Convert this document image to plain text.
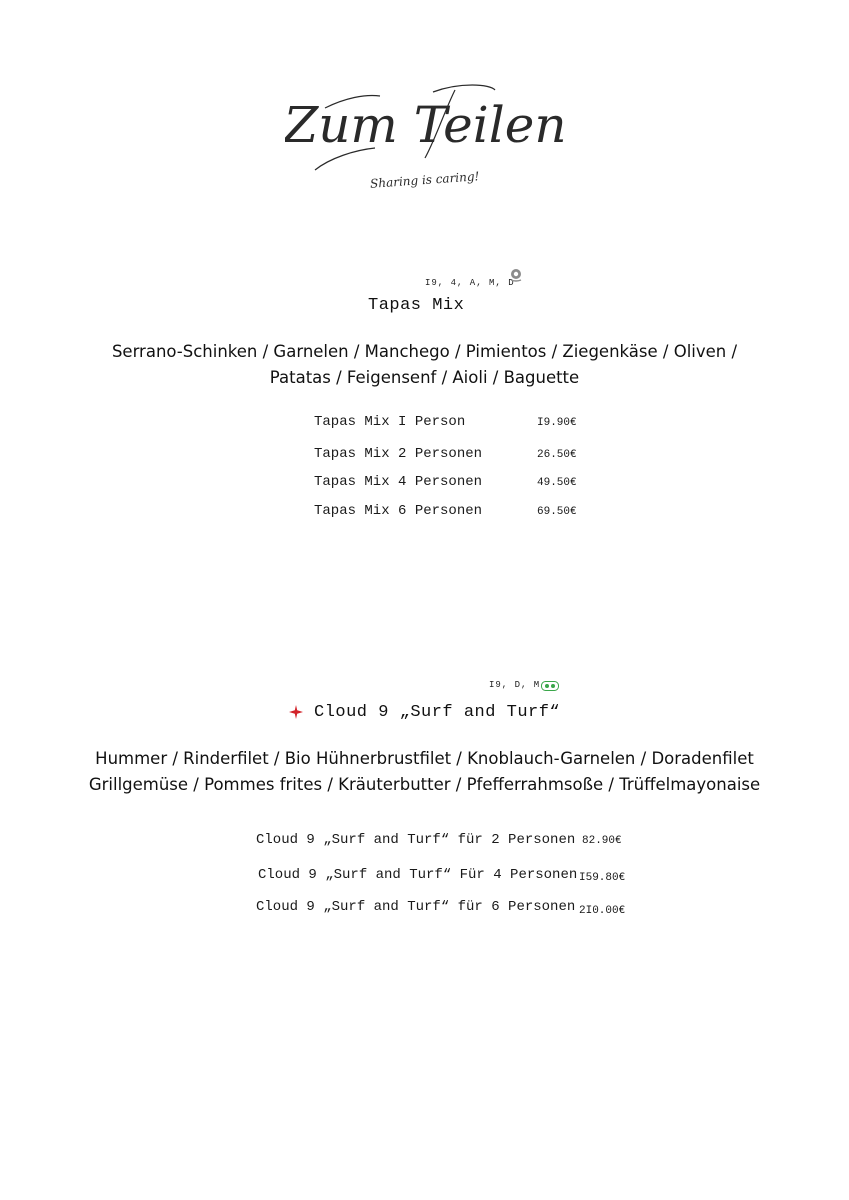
Zum Teilen
Sharing is caring!
I9, 4, A, M, D
Tapas Mix
Serrano-Schinken / Garnelen / Manchego / Pimientos / Ziegenkäse / Oliven /
Patatas / Feigensenf / Aioli / Baguette
Tapas Mix I Person	I9.90€
Tapas Mix 2 Personen	26.50€
Tapas Mix 4 Personen	49.50€
Tapas Mix 6 Personen	69.50€
I9, D, M
Cloud 9 „Surf and Turf“
Hummer / Rinderfilet / Bio Hühnerbrustfilet / Knoblauch-Garnelen / Doradenfilet
Grillgemüse / Pommes frites / Kräuterbutter / Pfefferrahmsoße / Trüffelmayonaise
Cloud 9 „Surf and Turf“ für 2 Personen 82.90€
Cloud 9 „Surf and Turf“ Für 4 Personen I59.80€
Cloud 9 „Surf and Turf“ für 6 Personen 2I0.00€
